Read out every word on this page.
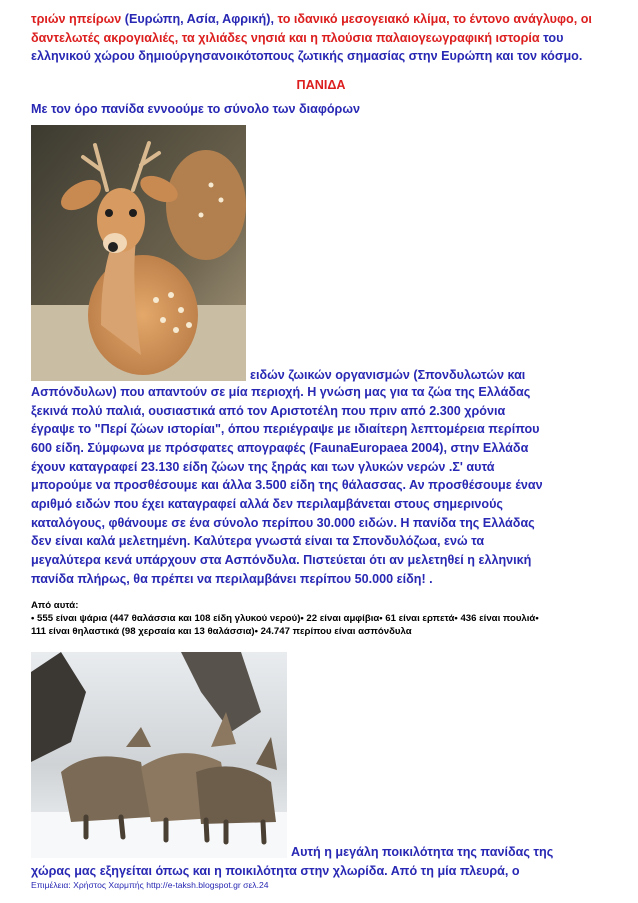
τριών ηπείρων (Ευρώπη, Ασία, Αφρική), το ιδανικό μεσογειακό κλίμα, το έντονο ανάγλυφο, οι δαντελωτές ακρογιαλιές, τα χιλιάδες νησιά και η πλούσια παλαιογεωγραφική ιστορία του ελληνικού χώρου δημιούργησανοικότοπους ζωτικής σημασίας στην Ευρώπη και τον κόσμο.

ΠΑΝΙΔΑ

Με τον όρο πανίδα εννοούμε το σύνολο των διαφόρων

ειδών ζωικών οργανισμών (Σπονδυλωτών και

Ασπόνδυλων) που απαντούν σε μία περιοχή. Η γνώση μας για τα ζώα της Ελλάδας

ξεκινά πολύ παλιά, ουσιαστικά από τον Αριστοτέλη που πριν από 2.300 χρόνια

έγραψε το "Περί ζώων ιστορίαι", όπου περιέγραψε με ιδιαίτερη λεπτομέρεια περίπου

600 είδη. Σύμφωνα με πρόσφατες απογραφές (FaunaEuropaea 2004), στην Ελλάδα

έχουν καταγραφεί 23.130 είδη ζώων της ξηράς και των γλυκών νερών .Σ' αυτά

μπορούμε να προσθέσουμε και άλλα 3.500 είδη της θάλασσας. Αν προσθέσουμε έναν

αριθμό ειδών που έχει καταγραφεί αλλά δεν περιλαμβάνεται στους σημερινούς

καταλόγους, φθάνουμε σε ένα σύνολο περίπου 30.000 ειδών. Η πανίδα της Ελλάδας

δεν είναι καλά μελετημένη. Καλύτερα γνωστά είναι τα Σπονδυλόζωα, ενώ τα

μεγαλύτερα κενά υπάρχουν στα Ασπόνδυλα. Πιστεύεται ότι αν μελετηθεί η ελληνική

πανίδα πλήρως, θα πρέπει να περιλαμβάνει περίπου 50.000 είδη! .

Από αυτά:

• 555 είναι ψάρια (447 θαλάσσια και 108 είδη γλυκού νερού)• 22 είναι αμφίβια• 61 είναι ερπετά• 436 είναι πουλιά•

111 είναι θηλαστικά (98 χερσαία και 13 θαλάσσια)• 24.747 περίπου είναι ασπόνδυλα

Αυτή η μεγάλη ποικιλότητα της πανίδας της

χώρας μας εξηγείται όπως και η ποικιλότητα στην χλωρίδα. Από τη μία πλευρά, ο

Επιμέλεια: Χρήστος Χαρμπής http://e-taksh.blogspot.gr σελ.24
